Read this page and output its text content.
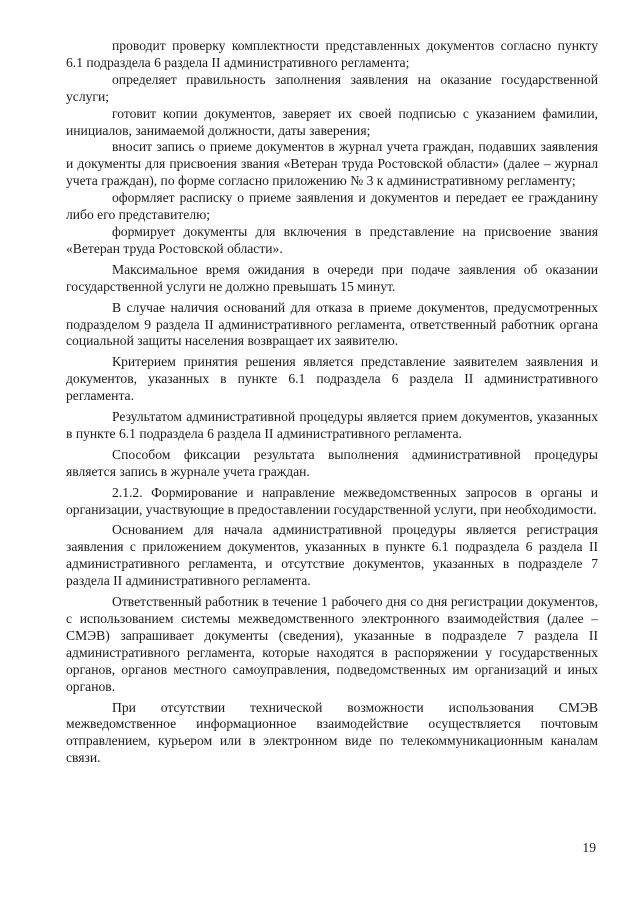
проводит проверку комплектности представленных документов согласно пункту 6.1 подраздела 6 раздела II административного регламента;

определяет правильность заполнения заявления на оказание государственной услуги;

готовит копии документов, заверяет их своей подписью с указанием фамилии, инициалов, занимаемой должности, даты заверения;

вносит запись о приеме документов в журнал учета граждан, подавших заявления и документы для присвоения звания «Ветеран труда Ростовской области» (далее – журнал учета граждан), по форме согласно приложению № 3 к административному регламенту;

оформляет расписку о приеме заявления и документов и передает ее гражданину либо его представителю;

формирует документы для включения в представление на присвоение звания «Ветеран труда Ростовской области».

Максимальное время ожидания в очереди при подаче заявления об оказании государственной услуги не должно превышать 15 минут.

В случае наличия оснований для отказа в приеме документов, предусмотренных подразделом 9 раздела II административного регламента, ответственный работник органа социальной защиты населения возвращает их заявителю.

Критерием принятия решения является представление заявителем заявления и документов, указанных в пункте 6.1 подраздела 6 раздела II административного регламента.

Результатом административной процедуры является прием документов, указанных в пункте 6.1 подраздела 6 раздела II административного регламента.

Способом фиксации результата выполнения административной процедуры является запись в журнале учета граждан.

2.1.2. Формирование и направление межведомственных запросов в органы и организации, участвующие в предоставлении государственной услуги, при необходимости.

Основанием для начала административной процедуры является регистрация заявления с приложением документов, указанных в пункте 6.1 подраздела 6 раздела II административного регламента, и отсутствие документов, указанных в подразделе 7 раздела II административного регламента.

Ответственный работник в течение 1 рабочего дня со дня регистрации документов, с использованием системы межведомственного электронного взаимодействия (далее – СМЭВ) запрашивает документы (сведения), указанные в подразделе 7 раздела II административного регламента, которые находятся в распоряжении у государственных органов, органов местного самоуправления, подведомственных им организаций и иных органов.

При отсутствии технической возможности использования СМЭВ межведомственное информационное взаимодействие осуществляется почтовым отправлением, курьером или в электронном виде по телекоммуникационным каналам связи.

19
